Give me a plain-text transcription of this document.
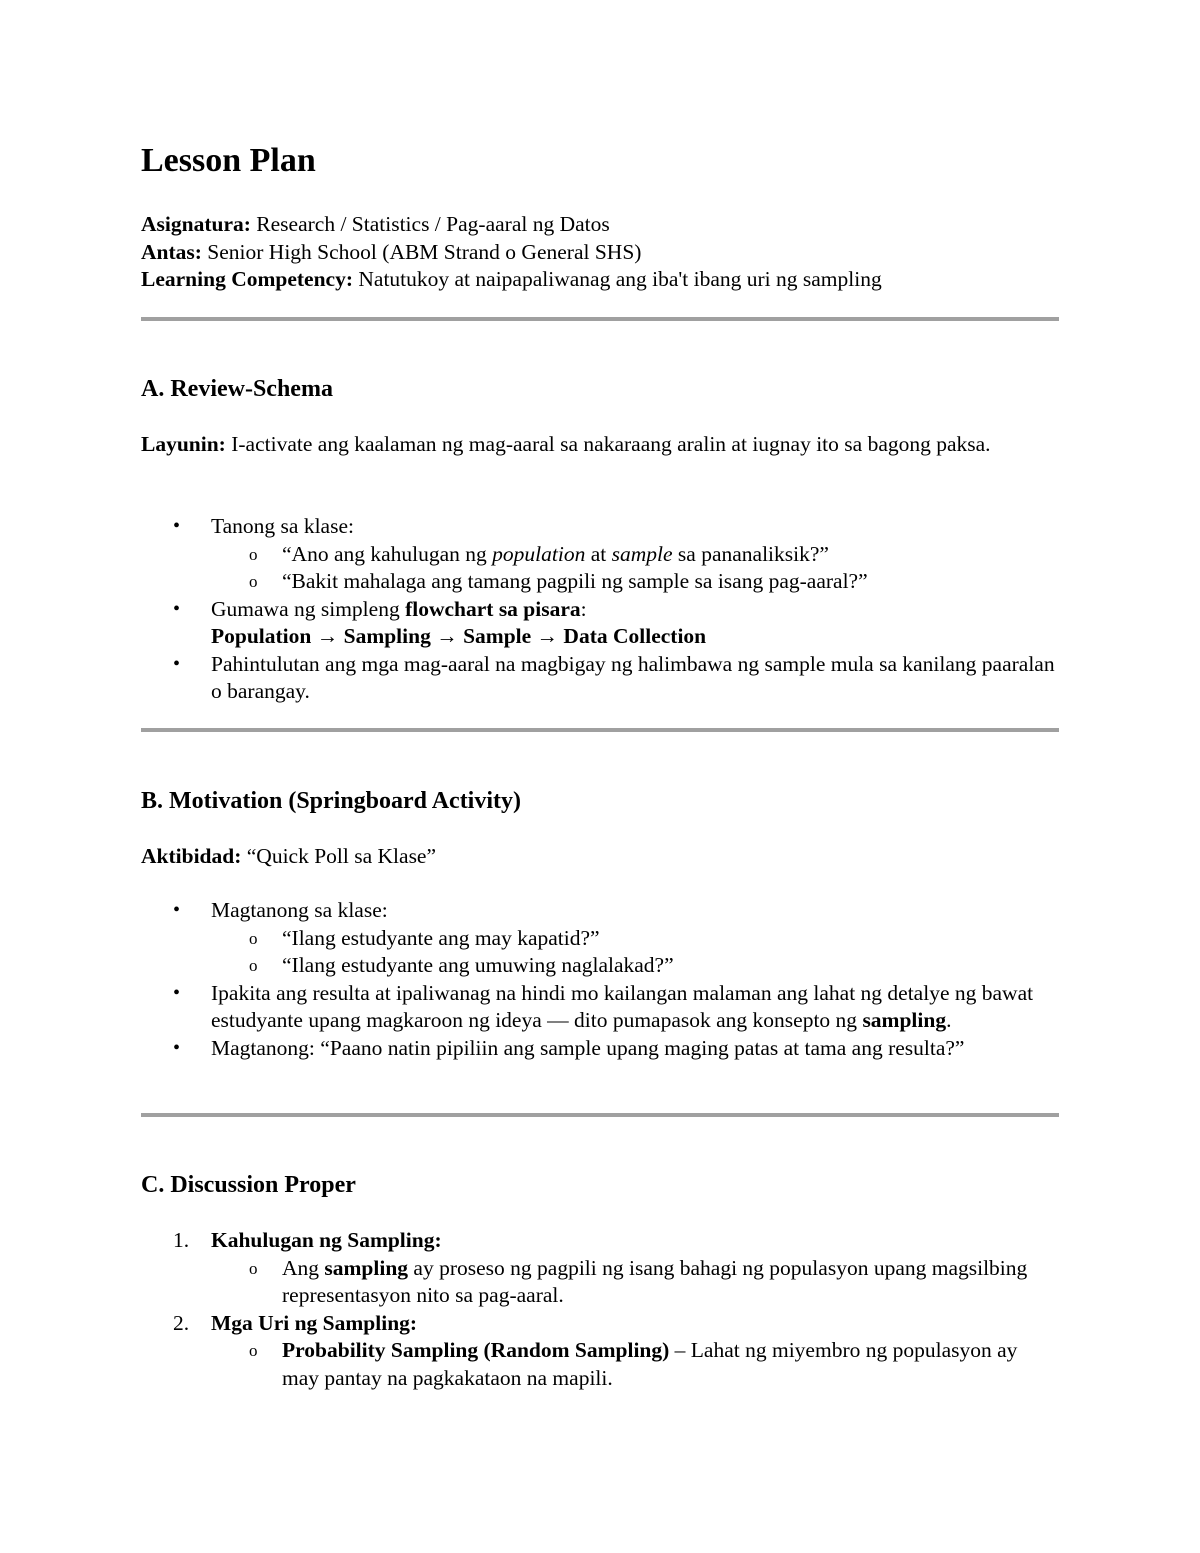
Lesson Plan

Asignatura: Research / Statistics / Pag-aaral ng Datos

Antas: Senior High School (ABM Strand o General SHS)

Learning Competency: Natutukoy at naipapaliwanag ang iba't ibang uri ng sampling

A. Review-Schema

Layunin: I-activate ang kaalaman ng mag-aaral sa nakaraang aralin at iugnay ito sa bagong paksa.

• Tanong sa klase:
o “Ano ang kahulugan ng population at sample sa pananaliksik?”
o “Bakit mahalaga ang tamang pagpili ng sample sa isang pag-aaral?”
• Gumawa ng simpleng flowchart sa pisara:
Population → Sampling → Sample → Data Collection
• Pahintulutan ang mga mag-aaral na magbigay ng halimbawa ng sample mula sa kanilang paaralan o barangay.
B. Motivation (Springboard Activity)

Aktibidad: “Quick Poll sa Klase”

• Magtanong sa klase:
o “Ilang estudyante ang may kapatid?”
o “Ilang estudyante ang umuwing naglalakad?”
• Ipakita ang resulta at ipaliwanag na hindi mo kailangan malaman ang lahat ng detalye ng bawat estudyante upang magkaroon ng ideya — dito pumapasok ang konsepto ng sampling.
• Magtanong: “Paano natin pipiliin ang sample upang maging patas at tama ang resulta?”
C. Discussion Proper
1. Kahulugan ng Sampling:
o Ang sampling ay proseso ng pagpili ng isang bahagi ng populasyon upang magsilbing representasyon nito sa pag-aaral.
2. Mga Uri ng Sampling:
o Probability Sampling (Random Sampling) – Lahat ng miyembro ng populasyon ay may pantay na pagkakataon na mapili.
